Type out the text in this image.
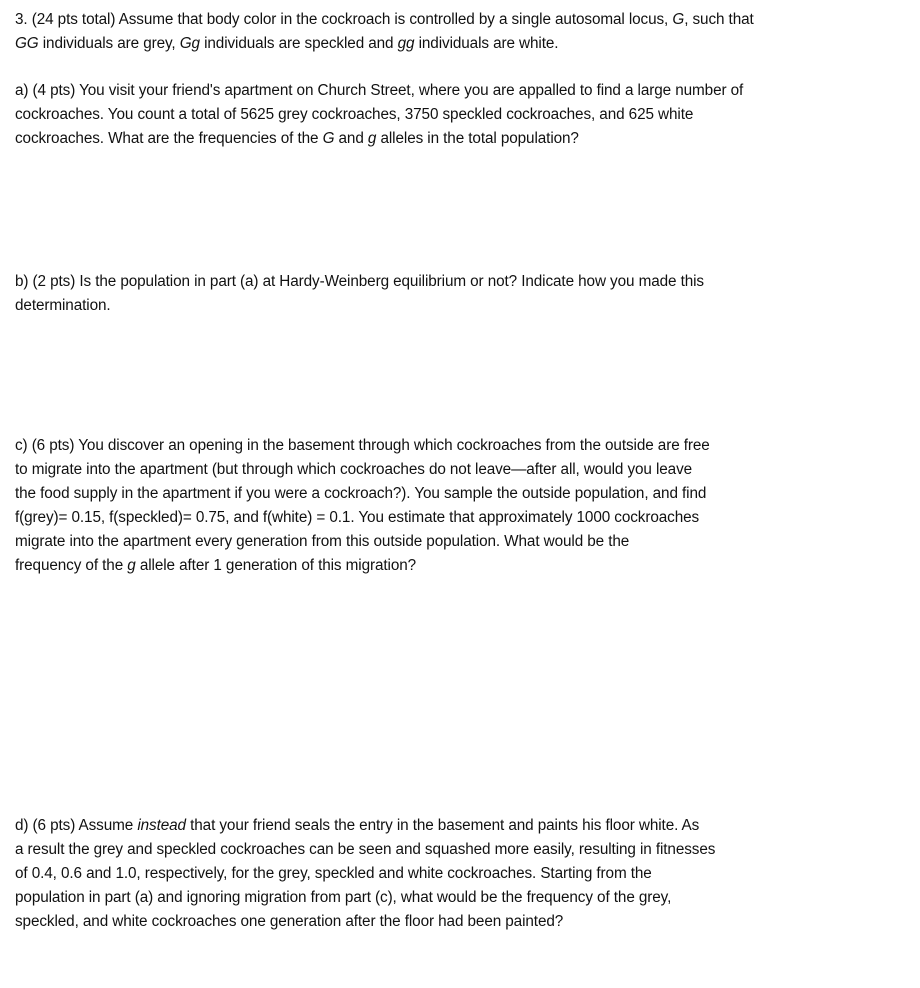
3. (24 pts total) Assume that body color in the cockroach is controlled by a single autosomal locus, G, such that
GG individuals are grey, Gg individuals are speckled and gg individuals are white.
a) (4 pts) You visit your friend's apartment on Church Street, where you are appalled to find a large number of
cockroaches. You count a total of 5625 grey cockroaches, 3750 speckled cockroaches, and 625 white
cockroaches. What are the frequencies of the G and g alleles in the total population?
b) (2 pts) Is the population in part (a) at Hardy-Weinberg equilibrium or not? Indicate how you made this
determination.
c) (6 pts) You discover an opening in the basement through which cockroaches from the outside are free
to migrate into the apartment (but through which cockroaches do not leave—after all, would you leave
the food supply in the apartment if you were a cockroach?). You sample the outside population, and find
f(grey)= 0.15, f(speckled)= 0.75, and f(white) = 0.1. You estimate that approximately 1000 cockroaches
migrate into the apartment every generation from this outside population. What would be the
frequency of the g allele after 1 generation of this migration?
d) (6 pts) Assume instead that your friend seals the entry in the basement and paints his floor white. As
a result the grey and speckled cockroaches can be seen and squashed more easily, resulting in fitnesses
of 0.4, 0.6 and 1.0, respectively, for the grey, speckled and white cockroaches. Starting from the
population in part (a) and ignoring migration from part (c), what would be the frequency of the grey,
speckled, and white cockroaches one generation after the floor had been painted?
